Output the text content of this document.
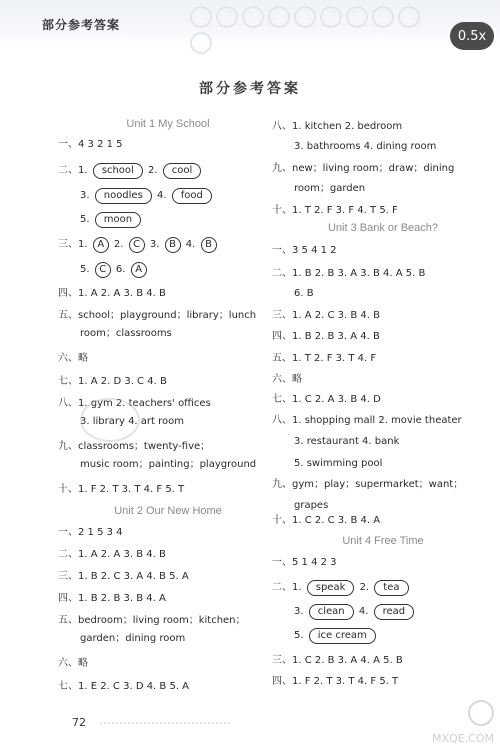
部分参考答案
0.5x
部分参考答案
Unit 1 My School
一、4 3 2 1 5
二、1. school 2. cool
3. noodles 4. food
5. moon
三、1. A 2. C 3. B 4. B
5. C 6. A
四、1. A 2. A 3. B 4. B
五、school；playground；library；lunch
room；classrooms
六、略
七、1. A 2. D 3. C 4. B
八、1. gym 2. teachers' offices
3. library 4. art room
九、classrooms；twenty-five；
music room；painting；playground
十、1. F 2. T 3. T 4. F 5. T
Unit 2 Our New Home
一、2 1 5 3 4
二、1. A 2. A 3. B 4. B
三、1. B 2. C 3. A 4. B 5. A
四、1. B 2. B 3. B 4. A
五、bedroom；living room；kitchen；
garden；dining room
六、略
七、1. E 2. C 3. D 4. B 5. A
八、1. kitchen 2. bedroom
3. bathrooms 4. dining room
九、new；living room；draw；dining
room；garden
十、1. T 2. F 3. F 4. T 5. F
Unit 3 Bank or Beach?
一、3 5 4 1 2
二、1. B 2. B 3. A 3. B 4. A 5. B
6. B
三、1. A 2. C 3. B 4. B
四、1. B 2. B 3. A 4. B
五、1. T 2. F 3. T 4. F
六、略
七、1. C 2. A 3. B 4. D
八、1. shopping mall 2. movie theater
3. restaurant 4. bank
5. swimming pool
九、gym；play；supermarket；want；
grapes
十、1. C 2. C 3. B 4. A
Unit 4 Free Time
一、5 1 4 2 3
二、1. speak 2. tea
3. clean 4. read
5. ice cream
三、1. C 2. B 3. A 4. A 5. B
四、1. F 2. T 3. T 4. F 5. T
72

MXQE.COM
